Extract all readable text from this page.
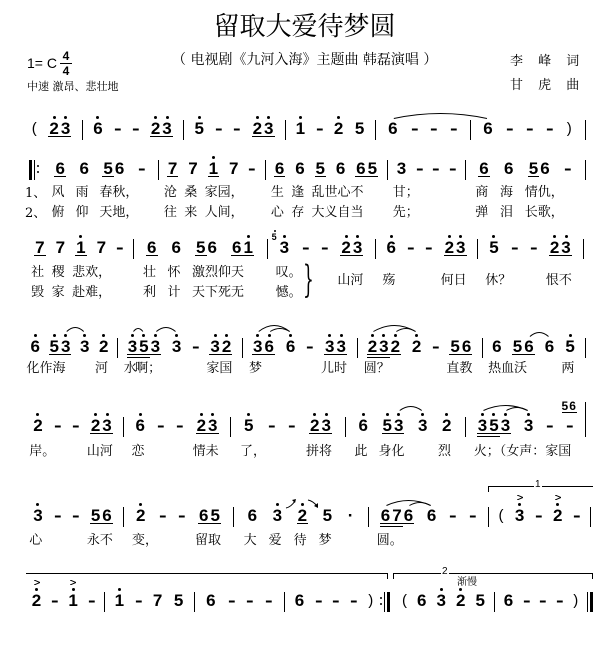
留取大爱待梦圆
（ 电视剧《九河入海》主题曲 韩磊演唱 ）
1= C $\frac{4}{4}$
中速 激昂、悲壮地
李 峰 词
甘 虎 曲
( 2 3 6 - - 2 3 5 - - 2 3 1 - 2 5 6 - - - 6 - - - )
1、
2、
6
风
俯
6
雨
仰
5
春秋，
天地，
6 - 7
沧
往
7
桑
来
1
家园，
人间，
7 - 6
生
心
6
逢
存
5
乱世心不
大义自当
6 6 5 3
甘；
先；
- - - 6
商
弹
6
海
泪
5
情仇，
长歌，
6 -
7
社
毁
7
稷
家
1
悲欢，
赴难，
7 - 6
壮
利
6
怀
计
5
激烈仰天
天下死无
6 6 1 3
5
叹。
憾。
- - 2
山河
3 6
殇
- - 2
何日
3 5
休？
- - 2
恨不
3
6
化作海
5 3 3 2
河
3
水
5
啊；
3 3 - 3
家国
2 3
梦
6 6 - 3
儿时
3 2
圆？
3 2 2 - 5
直教
6 6
热血沃
5 6 6 5
两
2
岸。
- - 2
山河
3 6
恋
- - 2
情未
3 5
了，
- - 2
拼将
3 6
此
5
身化
3 3 2
烈
3
火；（女声：家国
5 3 3 - -
56
3
心
- - 5
永不
6 2
变，
- - 6
留取
5 6
大
3
爱
2
待
5
梦
· 6
圆。
7 6 6 - - ( 3 - 2 -
2 - 1 - 1 - 7 5 6 - - - 6 - - - ) ( 6 3 2 5 6 - - - )
}
1
2
渐慢
